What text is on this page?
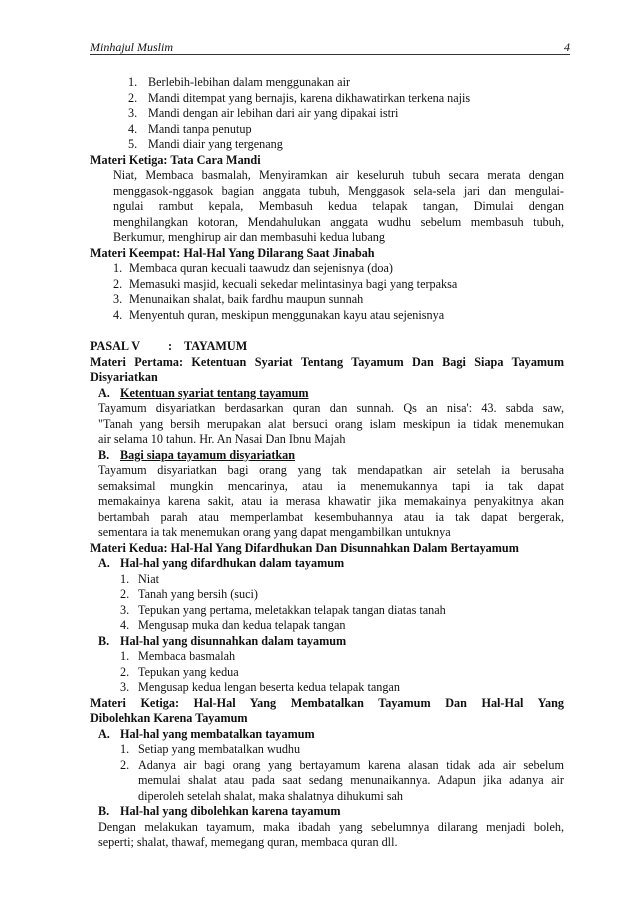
Minhajul Muslim	4
1. Berlebih-lebihan dalam menggunakan air
2. Mandi ditempat yang bernajis, karena dikhawatirkan terkena najis
3. Mandi dengan air lebihan dari air yang dipakai istri
4. Mandi tanpa penutup
5. Mandi diair yang tergenang
Materi Ketiga: Tata Cara Mandi
Niat, Membaca basmalah, Menyiramkan air keseluruh tubuh secara merata dengan
menggasok-nggasok bagian anggata tubuh, Menggasok sela-sela jari dan mengulai-
ngulai rambut kepala, Membasuh kedua telapak tangan, Dimulai dengan
menghilangkan kotoran, Mendahulukan anggata wudhu sebelum membasuh tubuh,
Berkumur, menghirup air dan membasuhi kedua lubang
Materi Keempat: Hal-Hal Yang Dilarang Saat Jinabah
1. Membaca quran kecuali taawudz dan sejenisnya (doa)
2. Memasuki masjid, kecuali sekedar melintasinya bagi yang terpaksa
3. Menunaikan shalat, baik fardhu maupun sunnah
4. Menyentuh quran, meskipun menggunakan kayu atau sejenisnya
PASAL V	: TAYAMUM
Materi Pertama: Ketentuan Syariat Tentang Tayamum Dan Bagi Siapa Tayamum
Disyariatkan
A. Ketentuan syariat tentang tayamum
Tayamum disyariatkan berdasarkan quran dan sunnah. Qs an nisa': 43. sabda saw,
"Tanah yang bersih merupakan alat bersuci orang islam meskipun ia tidak menemukan
air selama 10 tahun. Hr. An Nasai Dan Ibnu Majah
B. Bagi siapa tayamum disyariatkan
Tayamum disyariatkan bagi orang yang tak mendapatkan air setelah ia berusaha
semaksimal mungkin mencarinya, atau ia menemukannya tapi ia tak dapat
memakainya karena sakit, atau ia merasa khawatir jika memakainya penyakitnya akan
bertambah parah atau memperlambat kesembuhannya atau ia tak dapat bergerak,
sementara ia tak menemukan orang yang dapat mengambilkan untuknya
Materi Kedua: Hal-Hal Yang Difardhukan Dan Disunnahkan Dalam Bertayamum
A. Hal-hal yang difardhukan dalam tayamum
1. Niat
2. Tanah yang bersih (suci)
3. Tepukan yang pertama, meletakkan telapak tangan diatas tanah
4. Mengusap muka dan kedua telapak tangan
B. Hal-hal yang disunnahkan dalam tayamum
1. Membaca basmalah
2. Tepukan yang kedua
3. Mengusap kedua lengan beserta kedua telapak tangan
Materi Ketiga: Hal-Hal Yang Membatalkan Tayamum Dan Hal-Hal Yang
Dibolehkan Karena Tayamum
A. Hal-hal yang membatalkan tayamum
1. Setiap yang membatalkan wudhu
2. Adanya air bagi orang yang bertayamum karena alasan tidak ada air sebelum
memulai shalat atau pada saat sedang menunaikannya. Adapun jika adanya air
diperoleh setelah shalat, maka shalatnya dihukumi sah
B. Hal-hal yang dibolehkan karena tayamum
Dengan melakukan tayamum, maka ibadah yang sebelumnya dilarang menjadi boleh,
seperti; shalat, thawaf, memegang quran, membaca quran dll.
